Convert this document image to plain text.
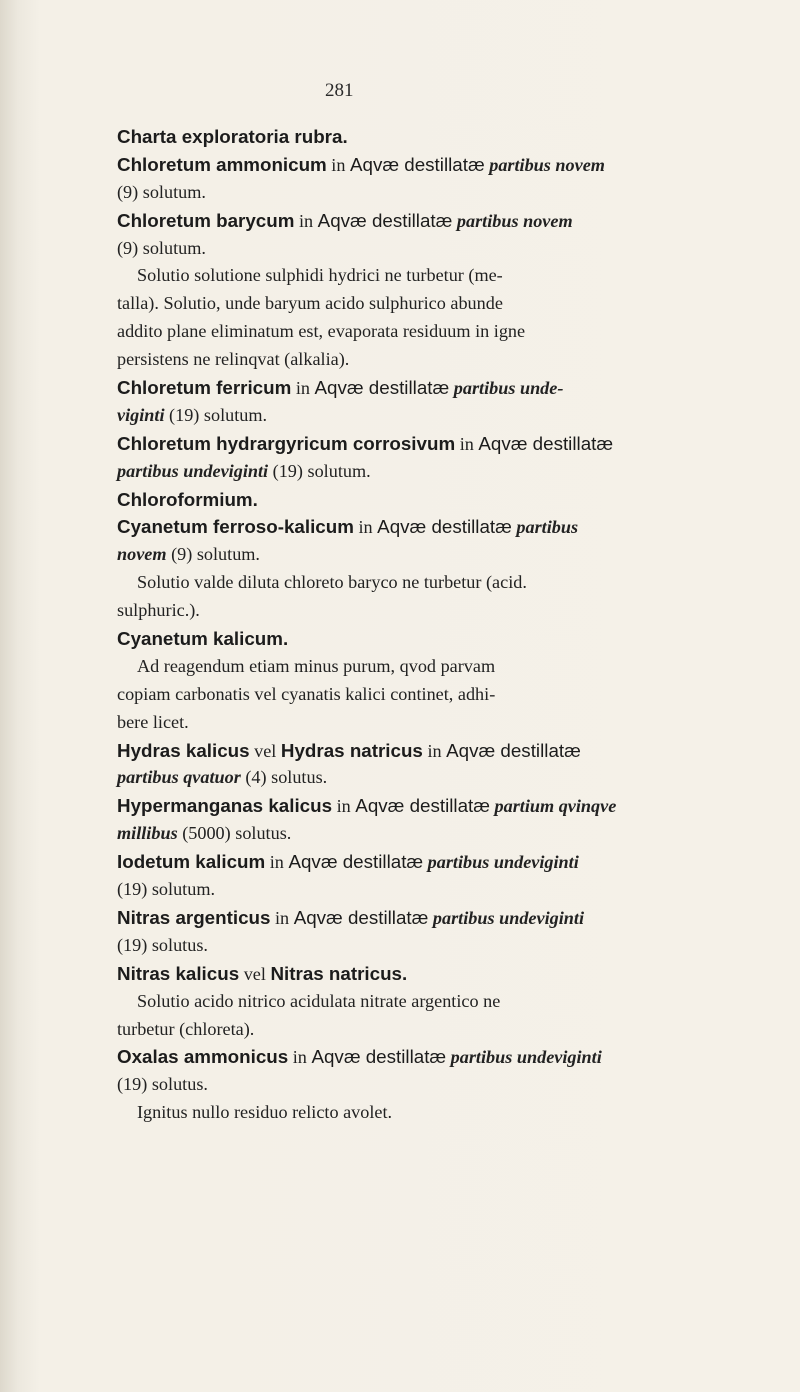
281
Charta exploratoria rubra.
Chloretum ammonicum in Aqvæ destillatæ partibus novem
(9) solutum.
Chloretum barycum in Aqvæ destillatæ partibus novem
(9) solutum.
Solutio solutione sulphidi hydrici ne turbetur (me-
talla). Solutio, unde baryum acido sulphurico abunde
addito plane eliminatum est, evaporata residuum in igne
persistens ne relinqvat (alkalia).
Chloretum ferricum in Aqvæ destillatæ partibus unde-
viginti (19) solutum.
Chloretum hydrargyricum corrosivum in Aqvæ destillatæ
partibus undeviginti (19) solutum.
Chloroformium.
Cyanetum ferroso-kalicum in Aqvæ destillatæ partibus
novem (9) solutum.
Solutio valde diluta chloreto baryco ne turbetur (acid.
sulphuric.).
Cyanetum kalicum.
Ad reagendum etiam minus purum, qvod parvam
copiam carbonatis vel cyanatis kalici continet, adhi-
bere licet.
Hydras kalicus vel Hydras natricus in Aqvæ destillatæ
partibus qvatuor (4) solutus.
Hypermanganas kalicus in Aqvæ destillatæ partium qvinqve
millibus (5000) solutus.
Iodetum kalicum in Aqvæ destillatæ partibus undeviginti
(19) solutum.
Nitras argenticus in Aqvæ destillatæ partibus undeviginti
(19) solutus.
Nitras kalicus vel Nitras natricus.
Solutio acido nitrico acidulata nitrate argentico ne
turbetur (chloreta).
Oxalas ammonicus in Aqvæ destillatæ partibus undeviginti
(19) solutus.
Ignitus nullo residuo relicto avolet.
